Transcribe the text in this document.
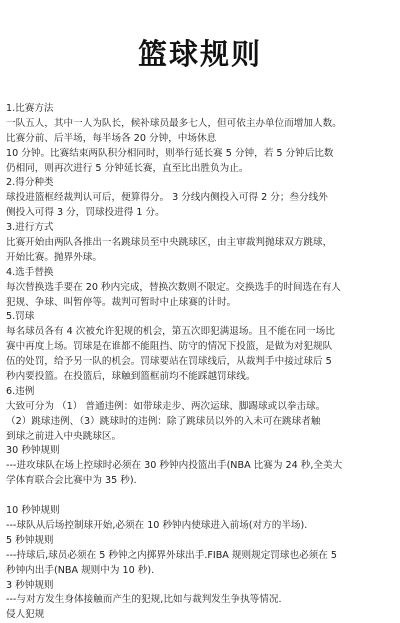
篮球规则
1.比赛方法
一队五人，其中一人为队长，候补球员最多七人，但可依主办单位而增加人数。
比赛分前、后半场，每半场各 20 分钟，中场休息
10 分钟。比赛结束两队积分相同时，则举行延长赛 5 分钟，若 5 分钟后比数
仍相同，则再次进行 5 分钟延长赛，直至比出胜负为止。
2.得分种类
球投进篮框经裁判认可后，便算得分。 3 分线内侧投入可得 2 分；叁分线外
侧投入可得 3 分，罚球投进得 1 分。
3.进行方式
比赛开始由两队各推出一名跳球员至中央跳球区，由主审裁判抛球双方跳球，
开始比赛。抛界外球。
4.选手替换
每次替换选手要在 20 秒内完成，替换次数则不限定。交换选手的时间选在有人
犯规、争球、叫暂停等。裁判可暂时中止球赛的计时。
5.罚球
每名球员各有 4 次被允许犯规的机会，第五次即犯满退场。且不能在同一场比
赛中再度上场。罚球是在谁都不能阻挡、防守的情况下投篮，是做为对犯规队
伍的处罚，给予另一队的机会。罚球要站在罚球线后，从裁判手中接过球后 5
秒内要投篮。在投篮后，球触到篮框前均不能踩越罚球线。
6.违例
大致可分为 （1） 普通违例：如带球走步、两次运球、脚踢球或以拳击球。
（2）跳球违例、（3）跳球时的违例：除了跳球员以外的入未可在跳球者触
到球之前进入中央跳球区。
30 秒钟规则
---进攻球队在场上控球时必须在 30 秒钟内投篮出手(NBA 比赛为 24 秒,全美大
学体育联合会比赛中为 35 秒).
10 秒钟规则
---球队从后场控制球开始,必须在 10 秒钟内使球进入前场(对方的半场).
5 秒钟规则
---持球后,球员必须在 5 秒钟之内掷界外球出手.FIBA 规则规定罚球也必须在 5
秒钟内出手(NBA 规则中为 10 秒).
3 秒钟规则
---与对方发生身体接触而产生的犯规,比如与裁判发生争执等情况.
侵人犯规
